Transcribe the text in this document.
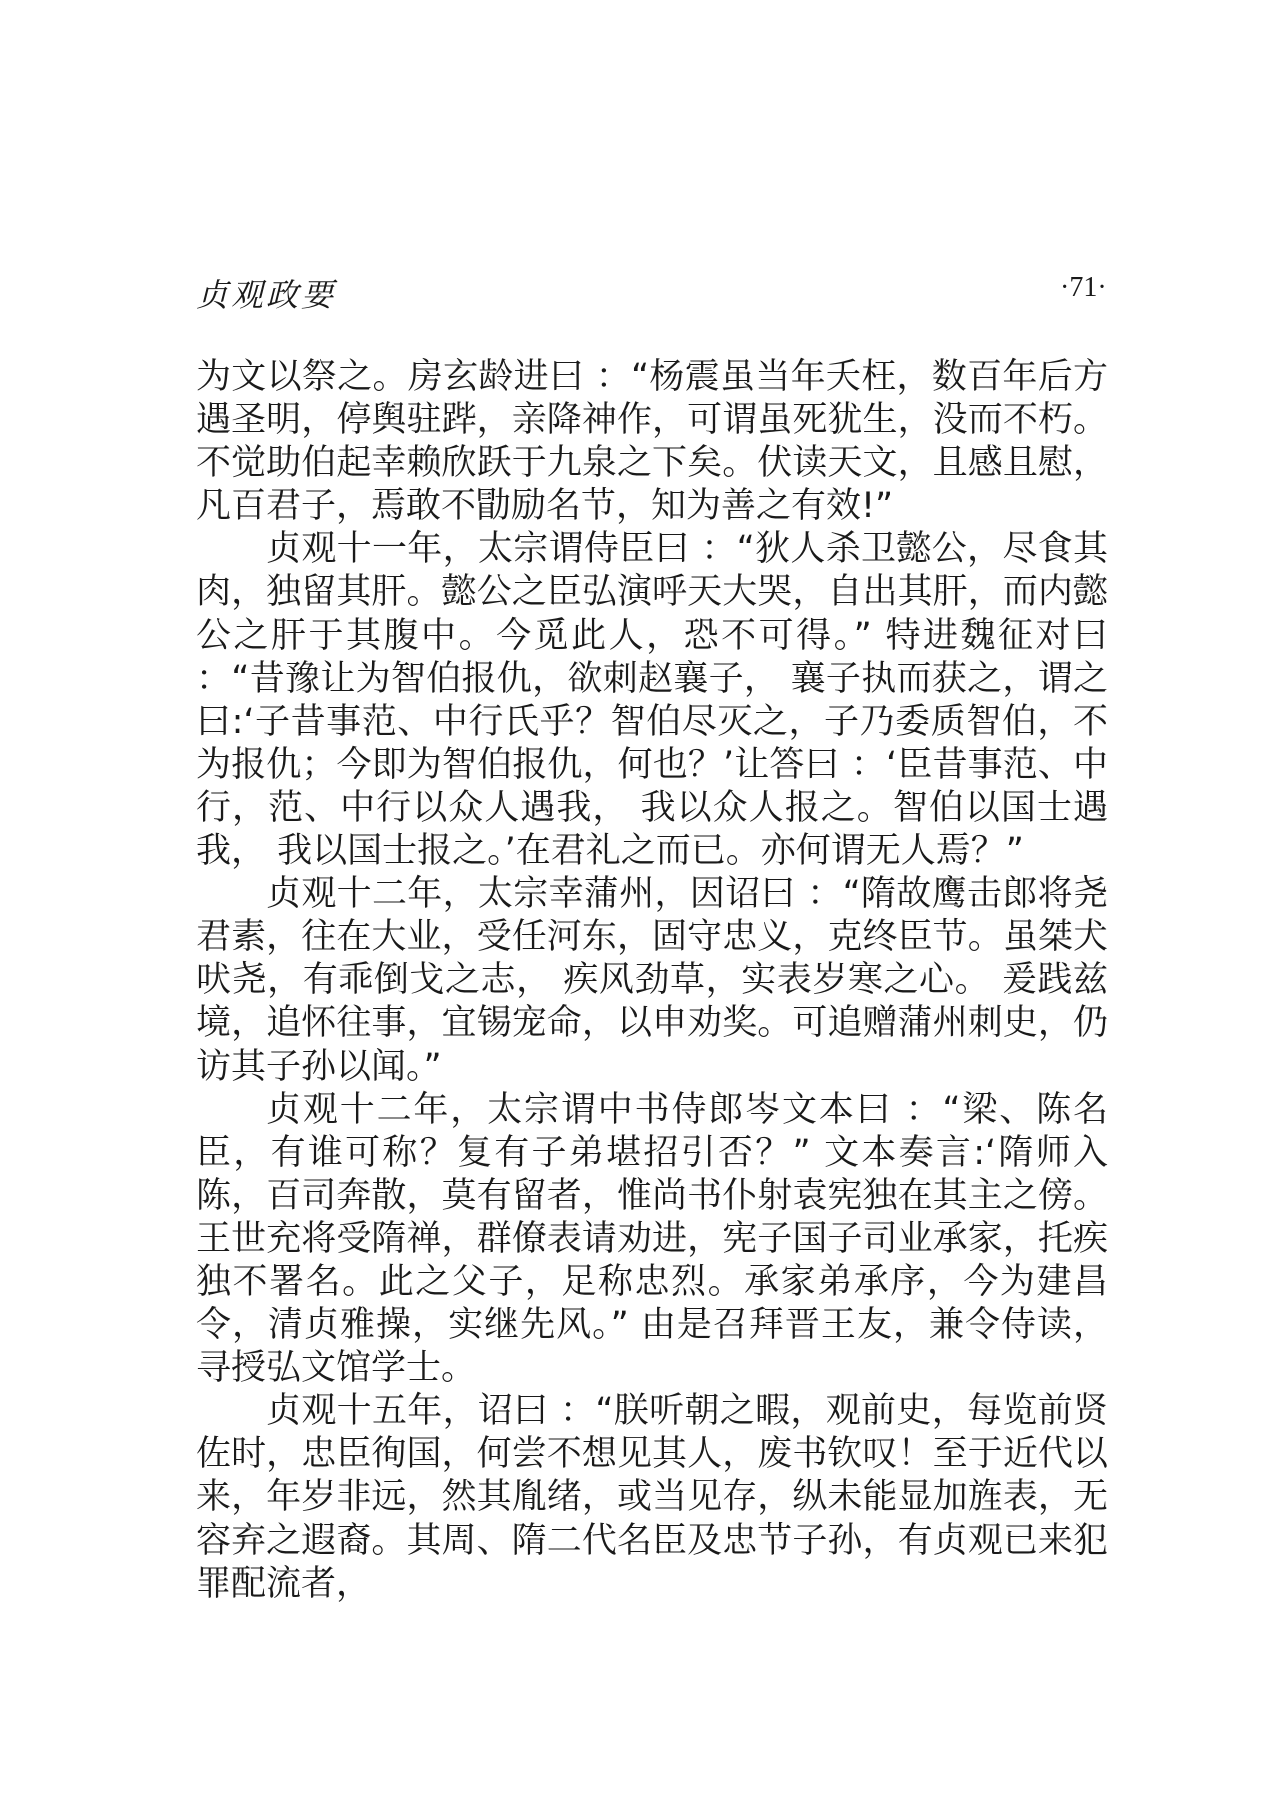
贞观政要	·71·

为文以祭之。房玄龄进曰 ：“杨震虽当年夭枉，数百年后方遇圣明，停舆驻跸，亲降神作，可谓虽死犹生，没而不朽。不觉助伯起幸赖欣跃于九泉之下矣。伏读天文，且感且慰，凡百君子，焉敢不勖励名节，知为善之有效!”

贞观十一年，太宗谓侍臣曰 ：“狄人杀卫懿公，尽食其肉，独留其肝。懿公之臣弘演呼天大哭，自出其肝，而内懿公之肝于其腹中。今觅此人，恐不可得。” 特进魏征对曰 ：“昔豫让为智伯报仇，欲刺赵襄子， 襄子执而获之，谓之曰:‘子昔事范、中行氏乎？智伯尽灭之，子乃委质智伯，不为报仇；今即为智伯报仇，何也？’让答曰 ：‘臣昔事范、中行，范、中行以众人遇我， 我以众人报之。智伯以国士遇我， 我以国士报之。’在君礼之而已。亦何谓无人焉？”

贞观十二年，太宗幸蒲州，因诏曰 ：“隋故鹰击郎将尧君素，往在大业，受任河东，固守忠义，克终臣节。虽桀犬吠尧，有乖倒戈之志， 疾风劲草，实表岁寒之心。 爰践兹境，追怀往事，宜锡宠命，以申劝奖。可追赠蒲州刺史，仍访其子孙以闻。”

贞观十二年，太宗谓中书侍郎岑文本曰 ：“梁、陈名臣，有谁可称？复有子弟堪招引否？” 文本奏言:‘隋师入陈，百司奔散，莫有留者，惟尚书仆射袁宪独在其主之傍。王世充将受隋禅，群僚表请劝进，宪子国子司业承家，托疾独不署名。此之父子，足称忠烈。承家弟承序，今为建昌令，清贞雅操，实继先风。” 由是召拜晋王友，兼令侍读，寻授弘文馆学士。

贞观十五年，诏曰 ：“朕听朝之暇，观前史，每览前贤佐时，忠臣徇国，何尝不想见其人，废书钦叹！至于近代以来，年岁非远，然其胤绪，或当见存，纵未能显加旌表，无容弃之遐裔。其周、隋二代名臣及忠节子孙，有贞观已来犯罪配流者，
